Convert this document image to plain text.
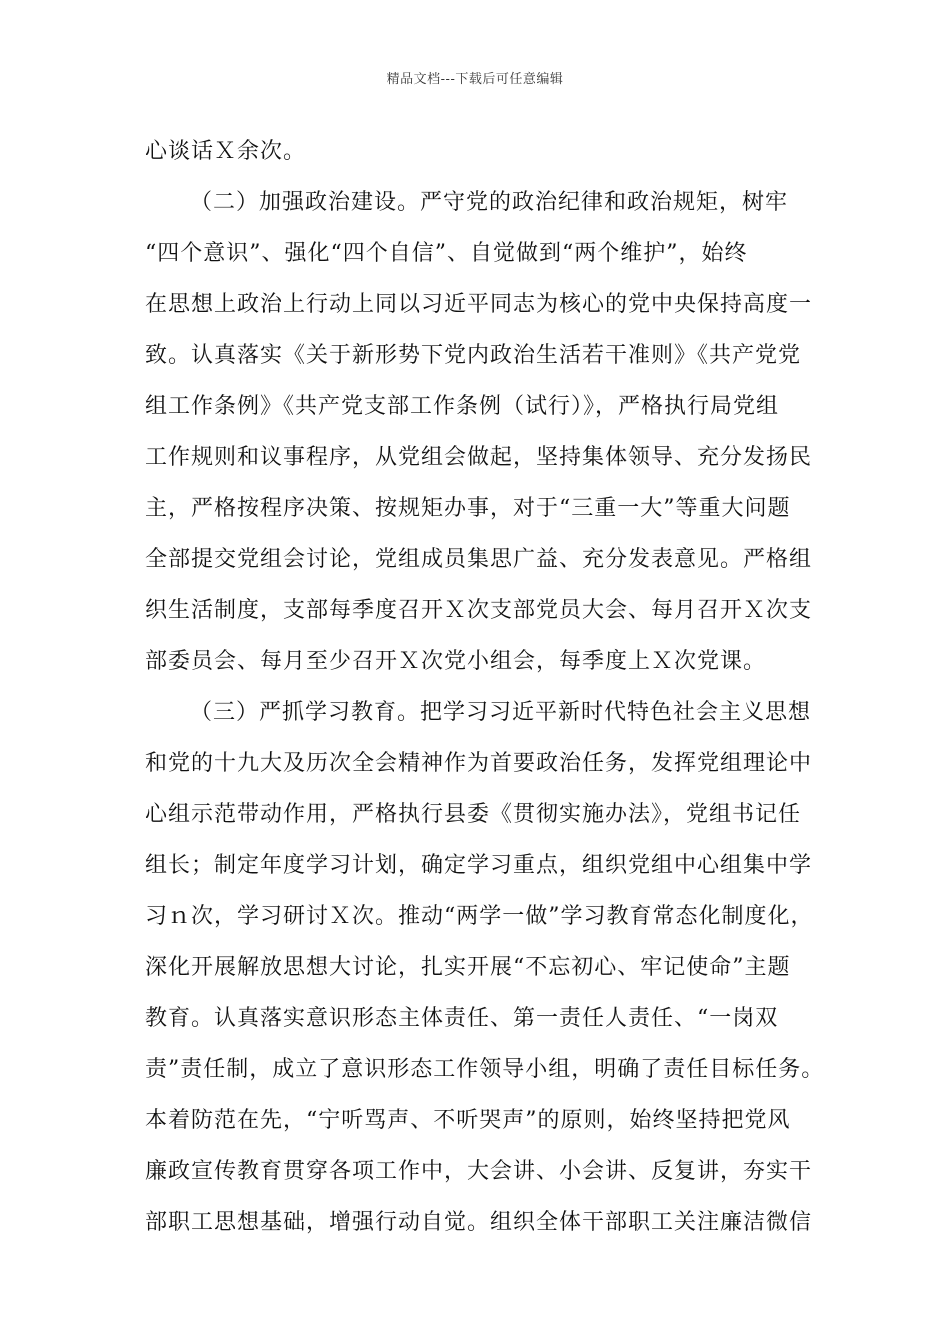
精品文档---下载后可任意编辑
心谈话Ｘ余次。
（二）加强政治建设。严守党的政治纪律和政治规矩，树牢
“四个意识”、强化“四个自信”、自觉做到“两个维护”，始终
在思想上政治上行动上同以习近平同志为核心的党中央保持高度一
致。认真落实《关于新形势下党内政治生活若干准则》《共产党党
组工作条例》《共产党支部工作条例（试行）》，严格执行局党组
工作规则和议事程序，从党组会做起，坚持集体领导、充分发扬民
主，严格按程序决策、按规矩办事，对于“三重一大”等重大问题
全部提交党组会讨论，党组成员集思广益、充分发表意见。严格组
织生活制度，支部每季度召开Ｘ次支部党员大会、每月召开Ｘ次支
部委员会、每月至少召开Ｘ次党小组会，每季度上Ｘ次党课。
（三）严抓学习教育。把学习习近平新时代特色社会主义思想
和党的十九大及历次全会精神作为首要政治任务，发挥党组理论中
心组示范带动作用，严格执行县委《贯彻实施办法》，党组书记任
组长；制定年度学习计划，确定学习重点，组织党组中心组集中学
习ｎ次，学习研讨Ｘ次。推动“两学一做”学习教育常态化制度化，
深化开展解放思想大讨论，扎实开展“不忘初心、牢记使命”主题
教育。认真落实意识形态主体责任、第一责任人责任、“一岗双
责”责任制，成立了意识形态工作领导小组，明确了责任目标任务。
本着防范在先，“宁听骂声、不听哭声”的原则，始终坚持把党风
廉政宣传教育贯穿各项工作中，大会讲、小会讲、反复讲，夯实干
部职工思想基础，增强行动自觉。组织全体干部职工关注廉洁微信
